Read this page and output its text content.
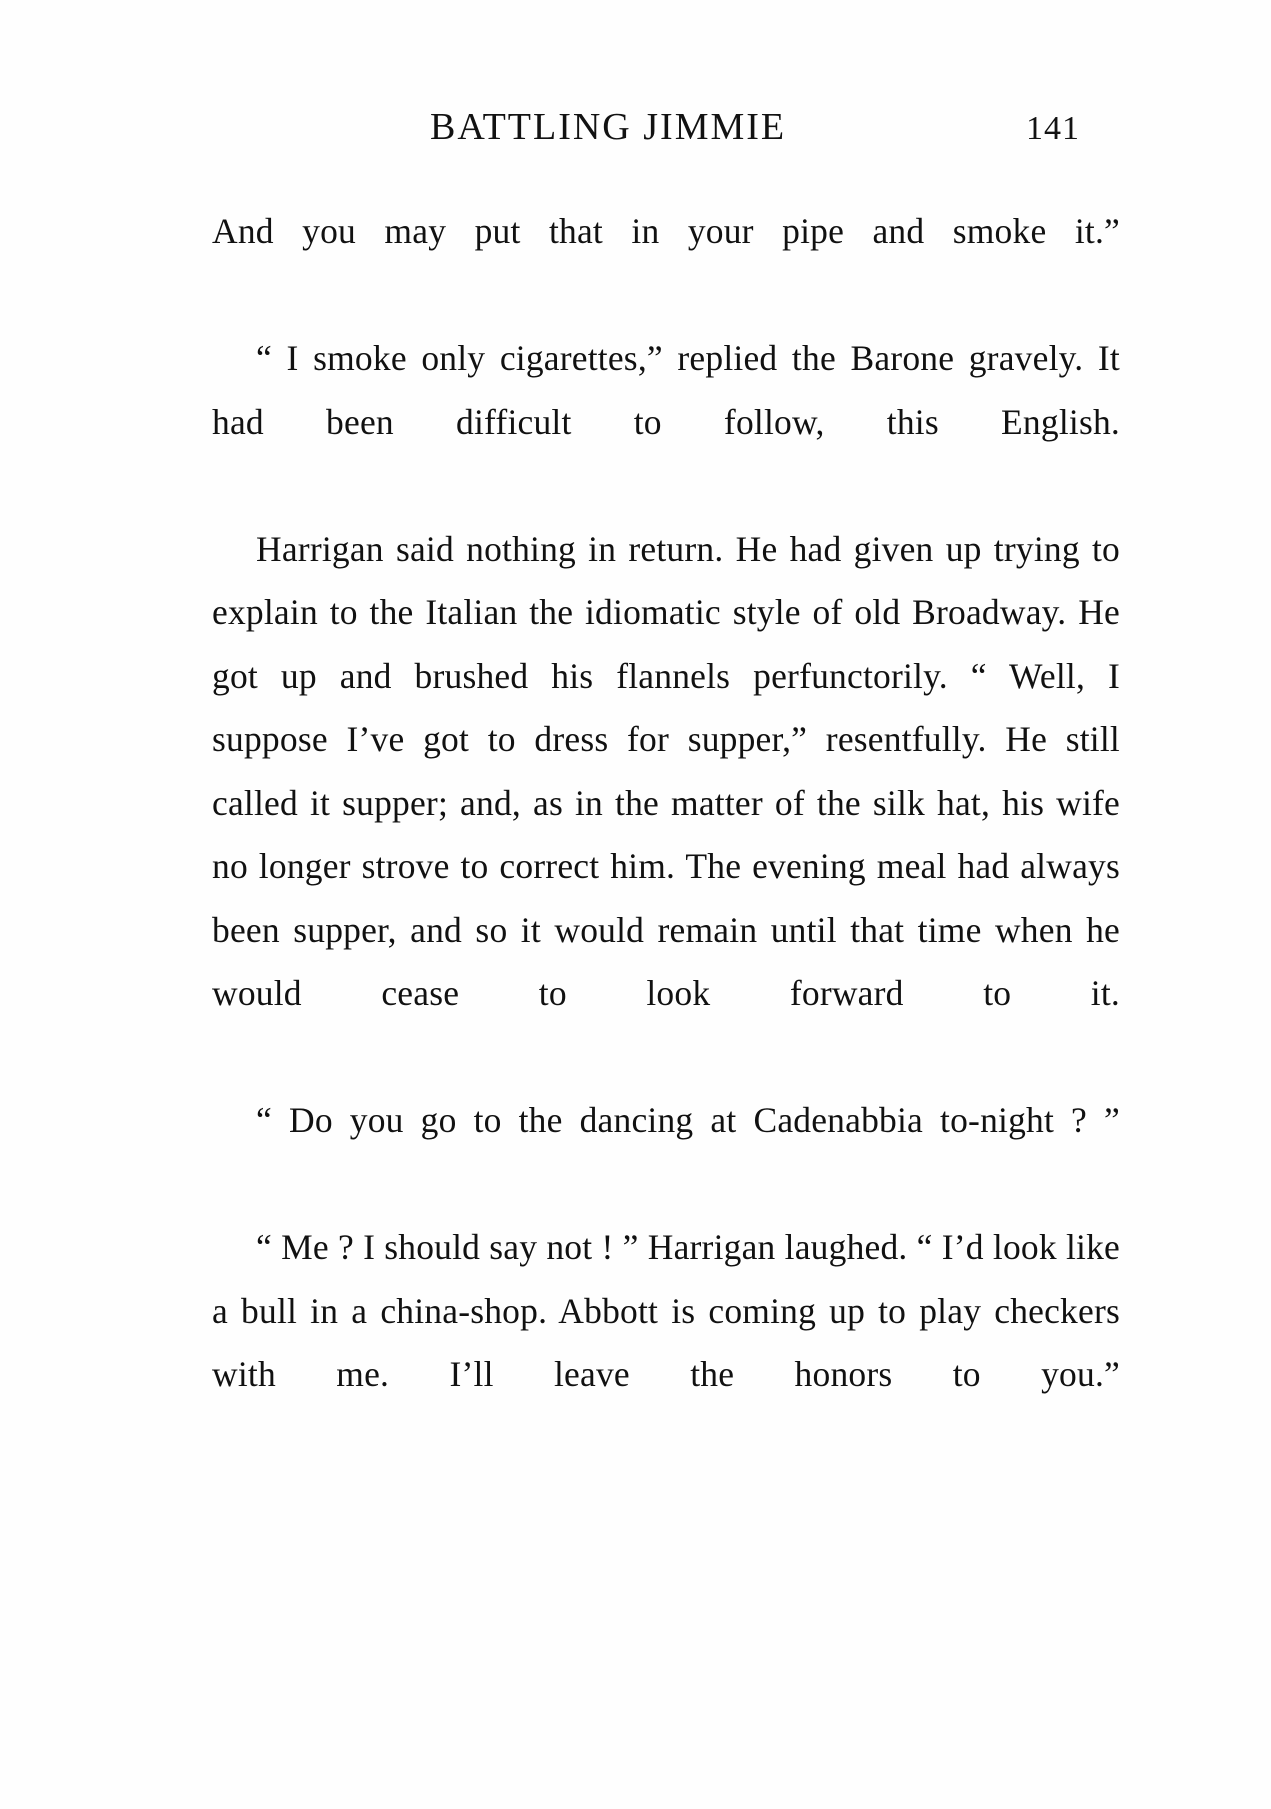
BATTLING JIMMIE	141

And you may put that in your pipe and smoke it.”

“ I smoke only cigarettes,” replied the Barone gravely. It had been difficult to follow, this English.

Harrigan said nothing in return. He had given up trying to explain to the Italian the idiomatic style of old Broadway. He got up and brushed his flannels perfunctorily. “ Well, I suppose I’ve got to dress for supper,” resentfully. He still called it supper; and, as in the matter of the silk hat, his wife no longer strove to correct him. The evening meal had always been supper, and so it would remain until that time when he would cease to look forward to it.

“ Do you go to the dancing at Cadenabbia to-night ? ”

“ Me ? I should say not ! ” Harrigan laughed. “ I’d look like a bull in a china-shop. Abbott is coming up to play checkers with me. I’ll leave the honors to you.”
